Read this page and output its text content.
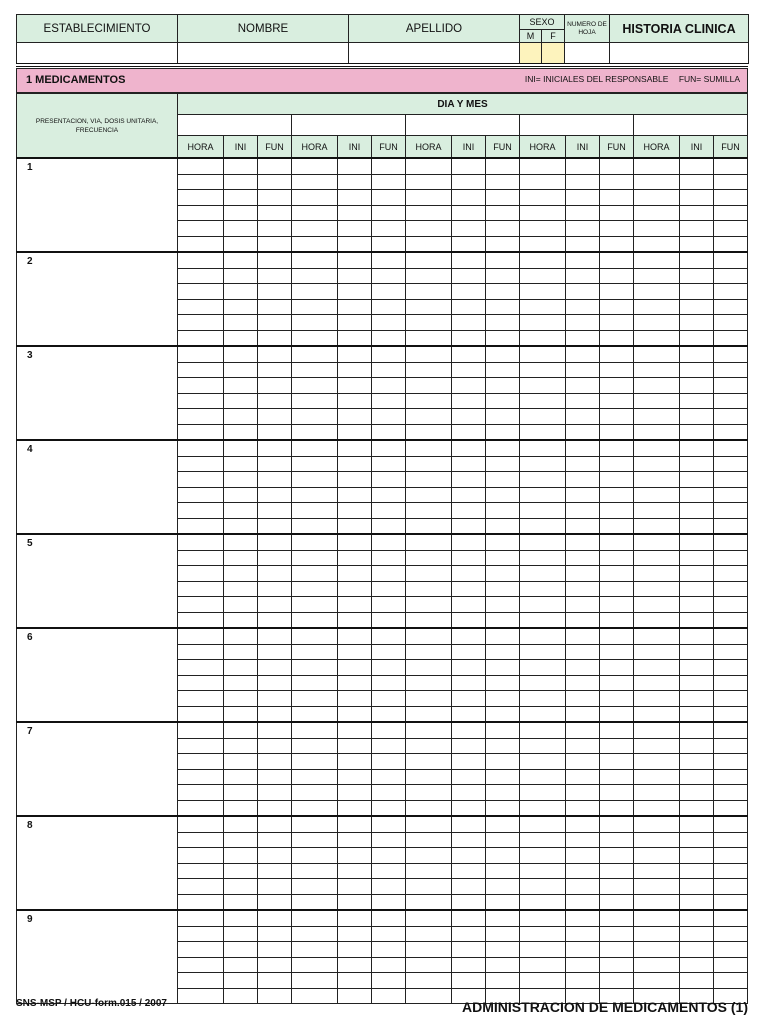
ESTABLECIMIENTO	NOMBRE	APELLIDO	SEXO		NUMERO DE HOJA	HISTORIA CLINICA
			M	F		

1 MEDICAMENTOS	INI= INICIALES DEL RESPONSABLE FUN= SUMILLA
PRESENTACION, VIA, DOSIS UNITARIA, FRECUENCIA	DIA Y MES														

	HORA	INI	FUN	HORA	INI	FUN	HORA	INI	FUN	HORA	INI	FUN	HORA	INI	FUN
1															

2															

3															

4															

5															

6															

7															

8															

9															

SNS-MSP / HCU-form.015 / 2007	ADMINISTRACION DE MEDICAMENTOS (1)
